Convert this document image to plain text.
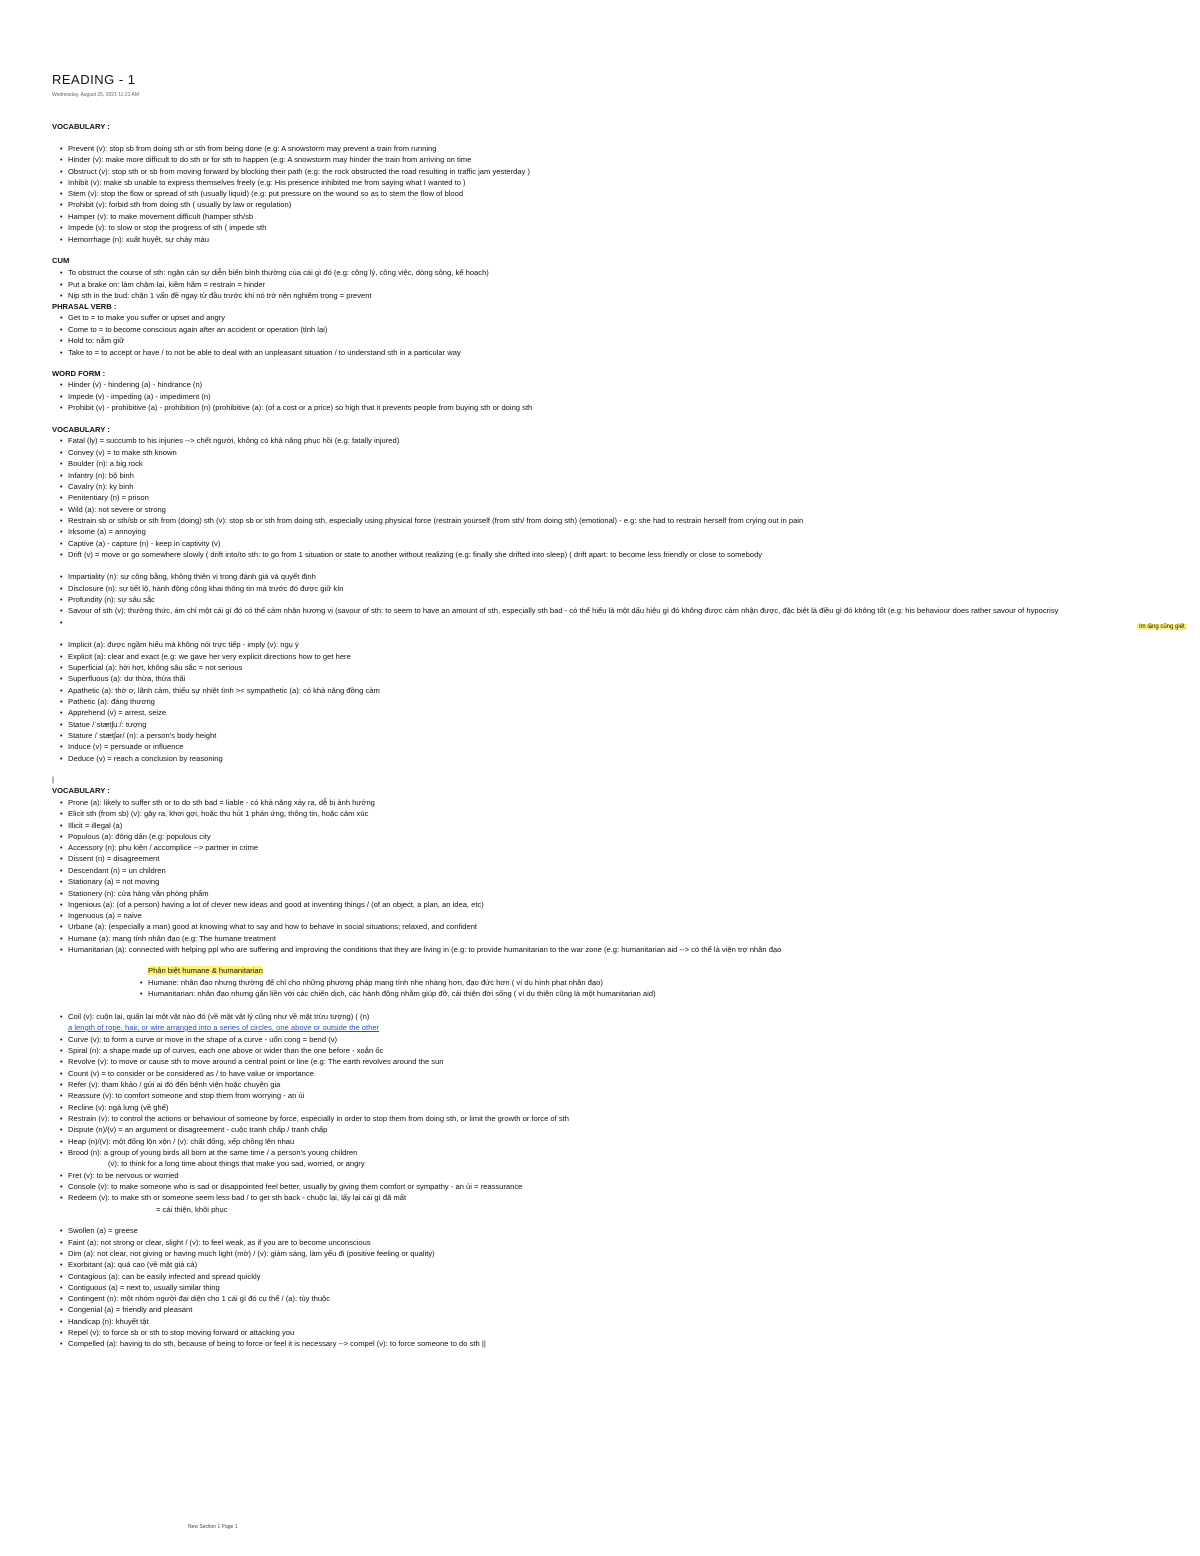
READING - 1
Wednesday, August 25, 2021 11:21 AM
VOCABULARY :
• Prevent (v): stop sb from doing sth or sth from being done (e.g: A snowstorm may prevent a train from running
• Hinder (v): make more difficult to do sth or for sth to happen (e.g: A snowstorm may hinder the train from arriving on time
• Obstruct (v): stop sth or sb from moving forward by blocking their path (e.g: the rock obstructed the road resulting in traffic jam yesterday )
• Inhibit (v): make sb unable to express themselves freely (e.g: His presence inhibited me from saying what I wanted to )
• Stem (v): stop the flow or spread of sth (usually liquid) (e.g: put pressure on the wound so as to stem the flow of blood
• Prohibit (v): forbid sth from doing sth ( usually by law or regulation)
• Hamper (v): to make movement difficult (hamper sth/sb
• Impede (v): to slow or stop the progress of sth ( impede sth
• Hemorrhage (n): xuất huyết, sự chảy máu
CUM
• To obstruct the course of sth: ngăn cản sự diễn biến bình thường của cái gì đó (e.g: công lý, công việc, dòng sông, kế hoạch)
• Put a brake on: làm chậm lại, kiềm hãm = restrain = hinder
• Nip sth in the bud: chặn 1 vấn đề ngay từ đầu trước khi nó trở nên nghiêm trọng = prevent
PHRASAL VERB :
• Get to = to make you suffer or upset and angry
• Come to = to become conscious again after an accident or operation (tỉnh lại)
• Hold to: nắm giữ
• Take to = to accept or have / to not be able to deal with an unpleasant situation / to understand sth in a particular way
WORD FORM :
• Hinder (v) - hindering (a) - hindrance (n)
• Impede (v) - impeding (a) - impediment (n)
• Prohibit (v) - prohibitive (a) - prohibition (n) (prohibitive (a): (of a cost or a price) so high that it prevents people from buying sth or doing sth
VOCABULARY :
• Fatal (ly) = succumb to his injuries --> chết người, không có khả năng phục hồi (e.g: fatally injured)
• Convey (v) = to make sth known
• Boulder (n): a big rock
• Infantry (n): bộ binh
• Cavalry (n): kỵ binh
• Penitentiary (n) = prison
• Wild (a): not severe or strong
• Restrain sb or sth/sb or sth from (doing) sth (v): stop sb or sth from doing sth, especially using physical force (restrain yourself (from sth/ from doing sth) (emotional) - e.g: she had to restrain herself from crying out in pain
• Irksome (a) = annoying
• Captive (a) - capture (n) - keep in captivity (v)
• Drift (v) = move or go somewhere slowly ( drift into/to sth: to go from 1 situation or state to another without realizing (e.g: finally she drifted into sleep) ( drift apart: to become less friendly or close to somebody
• Impartiality (n): sự công bằng, không thiên vị trong đánh giá và quyết định
• Disclosure (n): sự tiết lộ, hành động công khai thông tin mà trước đó được giữ kín
• Profundity (n): sự sâu sắc
• Savour of sth (v): thưởng thức, ám chỉ một cái gì đó có thể cảm nhận hương vị (savour of sth: to seem to have an amount of sth, especially sth bad - có thể hiểu là một dấu hiệu gì đó không được cảm nhận được, đặc biệt là điều gì đó không tốt (e.g: his behaviour does rather savour of hypocrisy
•
• Implicit (a): được ngầm hiểu mà không nói trực tiếp - imply (v): ngụ ý
• Explicit (a): clear and exact (e.g: we gave her very explicit directions how to get here
• Superficial (a): hời hợt, không sâu sắc = not serious
• Superfluous (a): dư thừa, thừa thãi
• Apathetic (a): thờ ơ, lãnh cảm, thiếu sự nhiệt tình >< sympathetic (a): có khả năng đồng cảm
• Pathetic (a): đáng thương
• Apprehend (v) = arrest, seize
• Statue /ˈstætʃuː/: tượng
• Stature /ˈstætʃər/ (n): a person's body height
• Induce (v) = persuade or influence
• Deduce (v) = reach a conclusion by reasoning
|
VOCABULARY :
• Prone (a): likely to suffer sth or to do sth bad = liable - có khả năng xảy ra, dễ bị ảnh hưởng
• Elicit sth (from sb) (v): gây ra, khơi gợi, hoặc thu hút 1 phản ứng, thông tin, hoặc cảm xúc
• Illicit = illegal (a)
• Populous (a): đông dân (e.g: populous city
• Accessory (n): phụ kiện / accomplice --> partner in crime
• Dissent (n) = disagreement
• Descendant (n) = un children
• Stationary (a) = not moving
• Stationery (n): cửa hàng văn phòng phẩm
• Ingenious (a): (of a person) having a lot of clever new ideas and good at inventing things / (of an object, a plan, an idea, etc)
• Ingenuous (a) = naive
• Urbane (a): (especially a man) good at knowing what to say and how to behave in social situations; relaxed, and confident
• Humane (a): mang tính nhân đạo (e.g: The humane treatment
• Humanitarian (a): connected with helping ppl who are suffering and improving the conditions that they are living in (e.g: to provide humanitarian to the war zone (e.g: humanitarian aid --> có thể là viện trợ nhân đạo
Phân biệt humane & humanitarian
• Humane: nhân đạo nhưng thường để chỉ cho những phương pháp mang tính nhẹ nhàng hơn, đạo đức hơn ( ví dụ hình phạt nhân đạo)
• Humanitarian: nhân đạo nhưng gắn liền với các chiến dịch, các hành động nhằm giúp đỡ, cải thiện đời sống ( ví dụ thiện cũng là một humanitarian aid)
• Coil (v): cuộn lại, quấn lại một vật nào đó (về mặt vật lý cũng như về mặt trừu tượng) ( (n)
a length of rope, hair, or wire arranged into a series of circles, one above or outside the other
• Curve (v): to form a curve or move in the shape of a curve - uốn cong = bend (v)
• Spiral (n): a shape made up of curves, each one above or wider than the one before - xoắn ốc
• Revolve (v): to move or cause sth to move around a central point or line (e.g: The earth revolves around the sun
• Count (v) = to consider or be considered as / to have value or importance
• Refer (v): tham khảo / gửi ai đó đến bệnh viện hoặc chuyên gia
• Reassure (v): to comfort someone and stop them from worrying - an ủi
• Recline (v): ngả lưng (về ghế)
• Restrain (v): to control the actions or behaviour of someone by force, especially in order to stop them from doing sth, or limit the growth or force of sth
• Dispute (n)/(v) = an argument or disagreement - cuộc tranh chấp / tranh chấp
• Heap (n)/(v): một đống lộn xộn / (v): chất đống, xếp chồng lên nhau
• Brood (n): a group of young birds all born at the same time / a person's young children
(v): to think for a long time about things that make you sad, worried, or angry
• Fret (v): to be nervous or worried
• Console (v): to make someone who is sad or disappointed feel better, usually by giving them comfort or sympathy - an ủi = reassurance
• Redeem (v): to make sth or someone seem less bad / to get sth back - chuộc lại, lấy lại cái gì đã mất
= cải thiện, khôi phục
• Swollen (a) = greese
• Faint (a): not strong or clear, slight / (v): to feel weak, as if you are to become unconscious
• Dim (a): not clear, not giving or having much light (mờ) / (v): giảm sáng, làm yếu đi (positive feeling or quality)
• Exorbitant (a): quá cao (về mặt giá cả)
• Contagious (a): can be easily infected and spread quickly
• Contiguous (a) = next to, usually similar thing
• Contingent (n): một nhóm người đại diện cho 1 cái gì đó cụ thể / (a): tùy thuộc
• Congenial (a) = friendly and pleasant
• Handicap (n): khuyết tật
• Repel (v): to force sb or sth to stop moving forward or attacking you
• Compelled (a): having to do sth, because of being to force or feel it is necessary --> compel (v): to force someone to do sth ||
Im lặng cũng giết
New Section 1 Page 1
